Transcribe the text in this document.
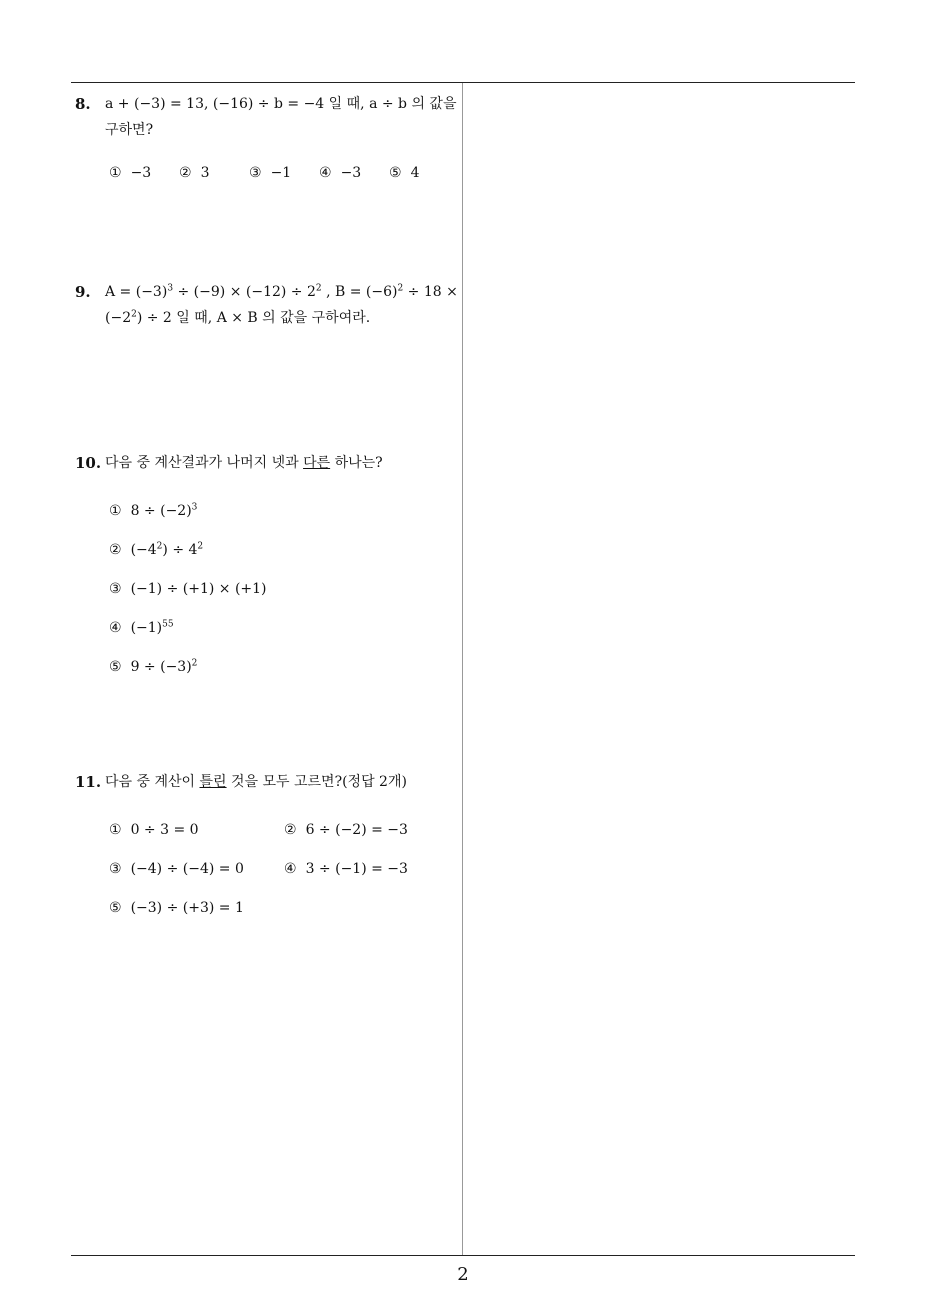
8.	a + (−3) = 13, (−16) ÷ b = −4 일 때, a ÷ b 의 값을
구하면?
① −3	② 3	③ −1	④ −3	⑤ 4
9.	$A = (-3)^3 \div (-9) \times (-12) \div 2^2$ , $B = (-6)^2 \div 18$ ×
$(-2^2) \div 2$ 일 때, A × B 의 값을 구하여라.
10. 다음 중 계산결과가 나머지 넷과 다른 하나는?
① $8 \div (-2)^3$
② $(-4^2) \div 4^2$
③ (−1) ÷ (+1) × (+1)
④ $(-1)^{55}$
⑤ $9 \div (-3)^2$
11. 다음 중 계산이 틀린 것을 모두 고르면?(정답 2개)
① 0 ÷ 3 = 0	② 6 ÷ (−2) = −3
③ (−4) ÷ (−4) = 0	④ 3 ÷ (−1) = −3
⑤ (−3) ÷ (+3) = 1
2
